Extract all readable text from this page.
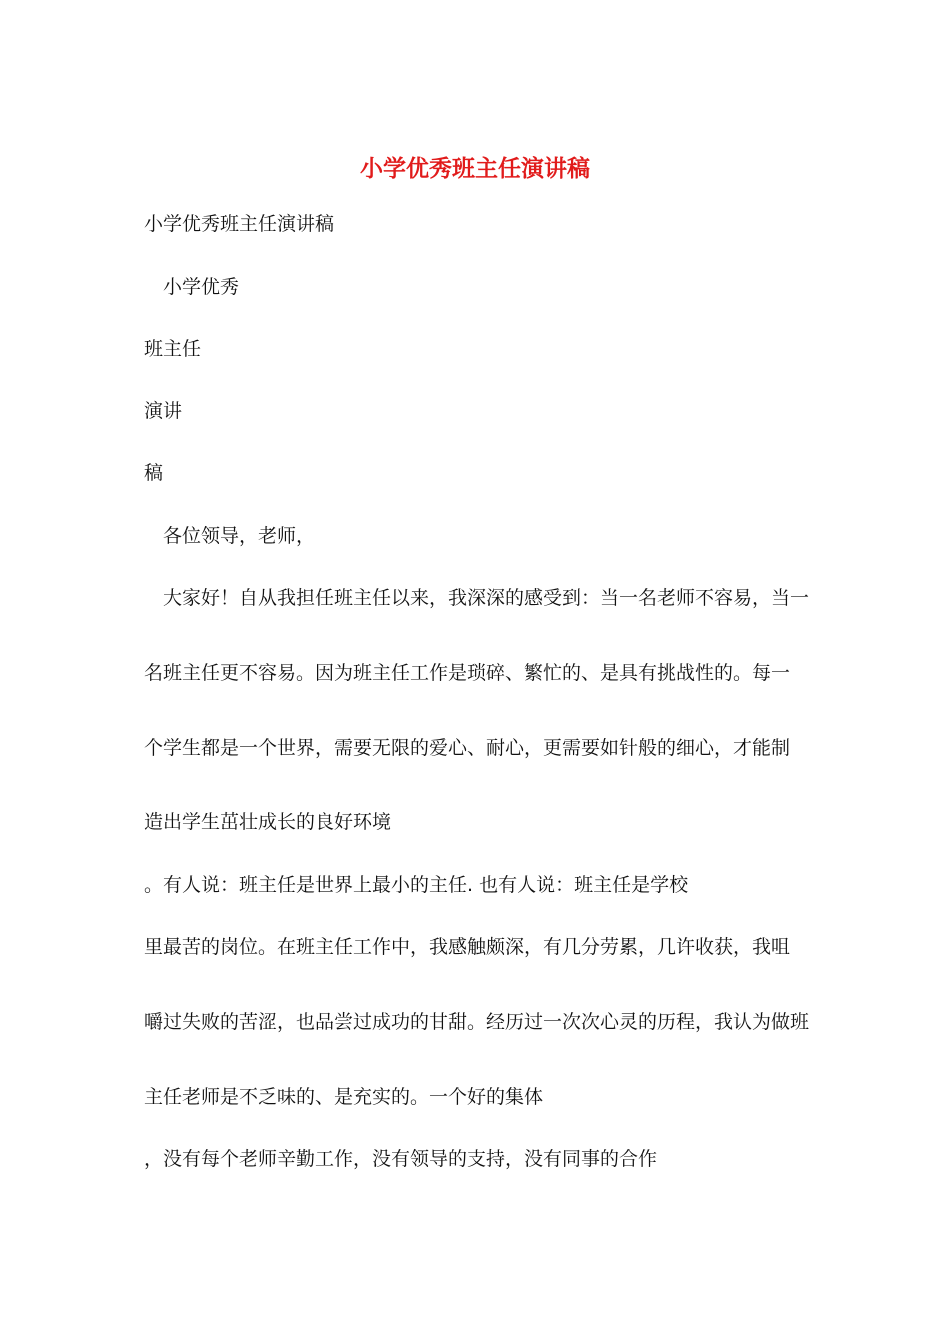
小学优秀班主任演讲稿

小学优秀班主任演讲稿

小学优秀

班主任

演讲

稿

各位领导，老师，

大家好！自从我担任班主任以来，我深深的感受到：当一名老师不容易，当一

名班主任更不容易。因为班主任工作是琐碎、繁忙的、是具有挑战性的。每一

个学生都是一个世界，需要无限的爱心、耐心，更需要如针般的细心，才能制

造出学生茁壮成长的良好环境

。有人说：班主任是世界上最小的主任. 也有人说：班主任是学校

里最苦的岗位。在班主任工作中，我感触颇深，有几分劳累，几许收获，我咀

嚼过失败的苦涩，也品尝过成功的甘甜。经历过一次次心灵的历程，我认为做班

主任老师是不乏味的、是充实的。一个好的集体

，没有每个老师辛勤工作，没有领导的支持，没有同事的合作
